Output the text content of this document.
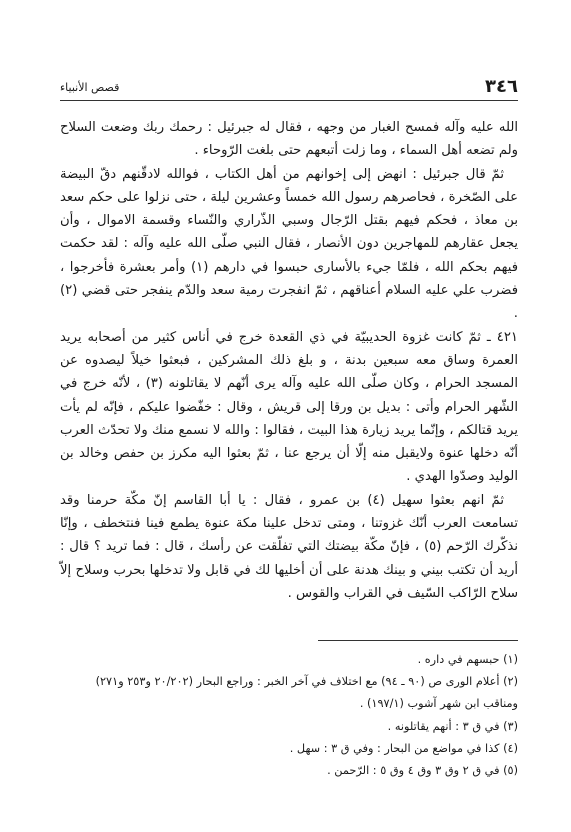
٣٤٦
قصص الأنبياء

الله عليه وآله فمسح الغبار من وجهه ، فقال له جبرئيل : رحمك ربك وضعت السلاح ولم تضعه أهل السماء ، وما زلت أتبعهم حتى بلغت الرّوحاء .

ثمّ قال جبرئيل : انهض إلى إخوانهم من أهل الكتاب ، فوالله لادقّنهم دقّ البيضة على الصّخرة ، فحاصرهم رسول الله خمساً وعشرين ليلة ، حتى نزلوا على حكم سعد بن معاذ ، فحكم فيهم بقتل الرّجال وسبي الذّراري والنّساء وقسمة الاموال ، وأن يجعل عقارهم للمهاجرين دون الأنصار ، فقال النبي صلّى الله عليه وآله : لقد حكمت فيهم بحكم الله ، فلمّا جيء بالأسارى حبسوا في دارهم (١) وأمر بعشرة فأخرجوا ، فضرب علي عليه السلام أعناقهم ، ثمّ انفجرت رمية سعد والدّم ينفجر حتى قضي (٢) .

٤٢١ ـ ثمّ كانت غزوة الحديبيّة في ذي القعدة خرج في أناس كثير من أصحابه يريد العمرة وساق معه سبعين بدنة ، و بلغ ذلك المشركين ، فبعثوا خيلاً ليصدوه عن المسجد الحرام ، وكان صلّى الله عليه وآله يرى أنّهم لا يقاتلونه (٣) ، لأنّه خرج في الشّهر الحرام وأتى : بديل بن ورقا إلى قريش ، وقال : خفّضوا عليكم ، فإنّه لم يأت يريد قتالكم ، وإنّما يريد زيارة هذا البيت ، فقالوا : والله لا نسمع منك ولا تحدّث العرب أنّه دخلها عنوة ولايقبل منه إلّا أن يرجع عنا ، ثمّ بعثوا اليه مكرز بن حفص وخالد بن الوليد وصدّوا الهدي .

ثمّ انهم بعثوا سهيل (٤) بن عمرو ، فقال : يا أبا القاسم إنّ مكّة حرمنا وقد تسامعت العرب أنّك غزوتنا ، ومتى تدخل علينا مكة عنوة يطمع فينا فنتخطف ، وإنّا نذكّرك الرّحم (٥) ، فإنّ مكّة بيضتك التي تفلّقت عن رأسك ، قال : فما تريد ؟ قال : أريد أن تكتب بيني و بينك هدنة على أن أخليها لك في قابل ولا تدخلها بحرب وسلاح إلاّ سلاح الرّاكب السّيف في القراب والقوس .

(١) حبسهم في داره .

(٢) أعلام الورى ص (٩٠ ـ ٩٤) مع اختلاف في آخر الخبر : وراجع البحار (٢٠/٢٠٢ و٢٥٣ و٢٧١) ومناقب ابن شهر آشوب (١٩٧/١) .

(٣) في ق ٣ : أنهم يقاتلونه .

(٤) كذا في مواضع من البحار : وفي ق ٣ : سهل .

(٥) في ق ٢ وق ٣ وق ٤ وق ٥ : الرّحمن .
